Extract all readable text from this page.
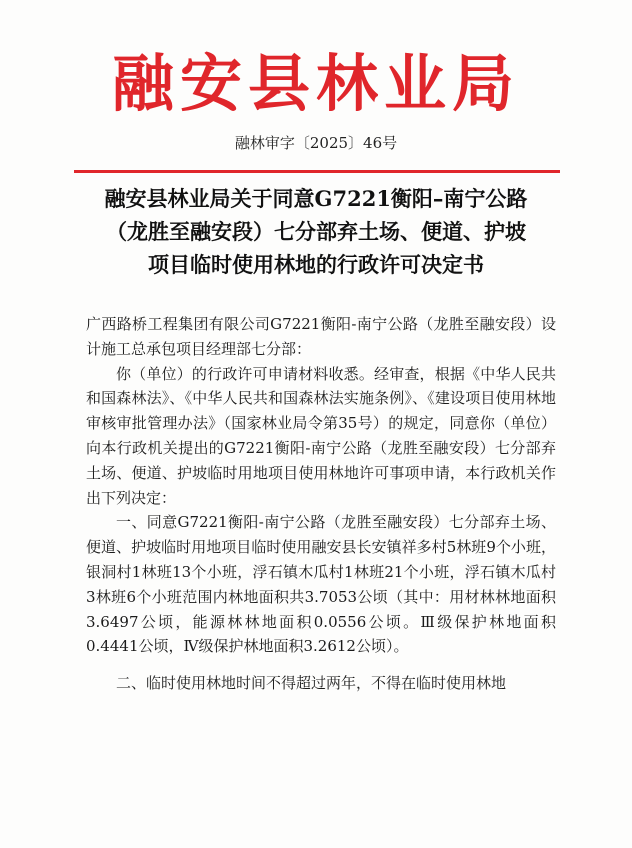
融安县林业局
融林审字〔2025〕46号
融安县林业局关于同意G7221衡阳–南宁公路
（龙胜至融安段）七分部弃土场、便道、护坡
项目临时使用林地的行政许可决定书

广西路桥工程集团有限公司G7221衡阳-南宁公路（龙胜至融安段）设计施工总承包项目经理部七分部：

你（单位）的行政许可申请材料收悉。经审查，根据《中华人民共和国森林法》、《中华人民共和国森林法实施条例》、《建设项目使用林地审核审批管理办法》（国家林业局令第35号）的规定，同意你（单位）向本行政机关提出的G7221衡阳-南宁公路（龙胜至融安段）七分部弃土场、便道、护坡临时用地项目使用林地许可事项申请，本行政机关作出下列决定：

一、同意G7221衡阳-南宁公路（龙胜至融安段）七分部弃土场、便道、护坡临时用地项目临时使用融安县长安镇祥多村5林班9个小班，银洞村1林班13个小班，浮石镇木瓜村1林班21个小班，浮石镇木瓜村3林班6个小班范围内林地面积共3.7053公顷（其中：用材林林地面积3.6497公顷，能源林林地面积0.0556公顷。Ⅲ级保护林地面积0.4441公顷，Ⅳ级保护林地面积3.2612公顷）。

二、临时使用林地时间不得超过两年，不得在临时使用林地
